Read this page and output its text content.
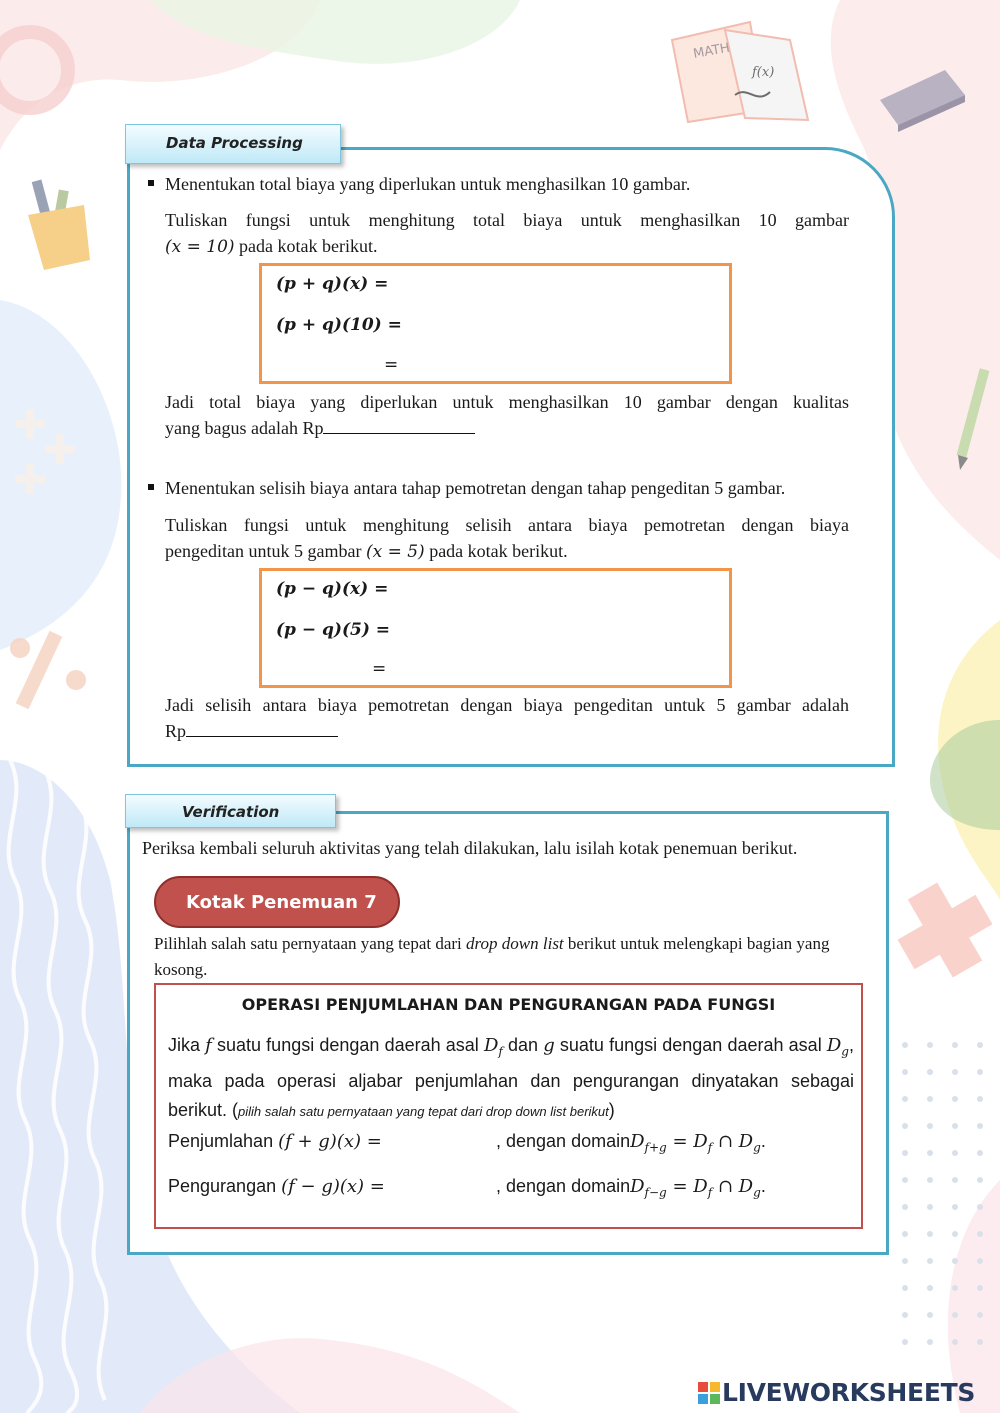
MATH
f(x)
Data Processing
Menentukan total biaya yang diperlukan untuk menghasilkan 10 gambar.
Tuliskan fungsi untuk menghitung total biaya untuk menghasilkan 10 gambar
(x = 10) pada kotak berikut.
(p + q)(x) =
(p + q)(10) =
=
Jadi total biaya yang diperlukan untuk menghasilkan 10 gambar dengan kualitas
yang bagus adalah Rp
Menentukan selisih biaya antara tahap pemotretan dengan tahap pengeditan 5 gambar.
Tuliskan fungsi untuk menghitung selisih antara biaya pemotretan dengan biaya
pengeditan untuk 5 gambar (x = 5) pada kotak berikut.
(p − q)(x) =
(p − q)(5) =
=
Jadi selisih antara biaya pemotretan dengan biaya pengeditan untuk 5 gambar adalah
Rp
Verification
Periksa kembali seluruh aktivitas yang telah dilakukan, lalu isilah kotak penemuan berikut.
Kotak Penemuan 7
Pilihlah salah satu pernyataan yang tepat dari drop down list berikut untuk melengkapi bagian yang kosong.
OPERASI PENJUMLAHAN DAN PENGURANGAN PADA FUNGSI
Jika f suatu fungsi dengan daerah asal $D_f$ dan g suatu fungsi dengan daerah asal $D_g$, maka pada operasi aljabar penjumlahan dan pengurangan dinyatakan sebagai berikut. (pilih salah satu pernyataan yang tepat dari drop down list berikut)
Penjumlahan (f + g)(x) =	, dengan domainD$_{f+g}$ = $D_f$ ∩ $D_g$.
Pengurangan (f − g)(x) =	, dengan domainD$_{f-g}$ = $D_f$ ∩ $D_g$.
LIVEWORKSHEETS
